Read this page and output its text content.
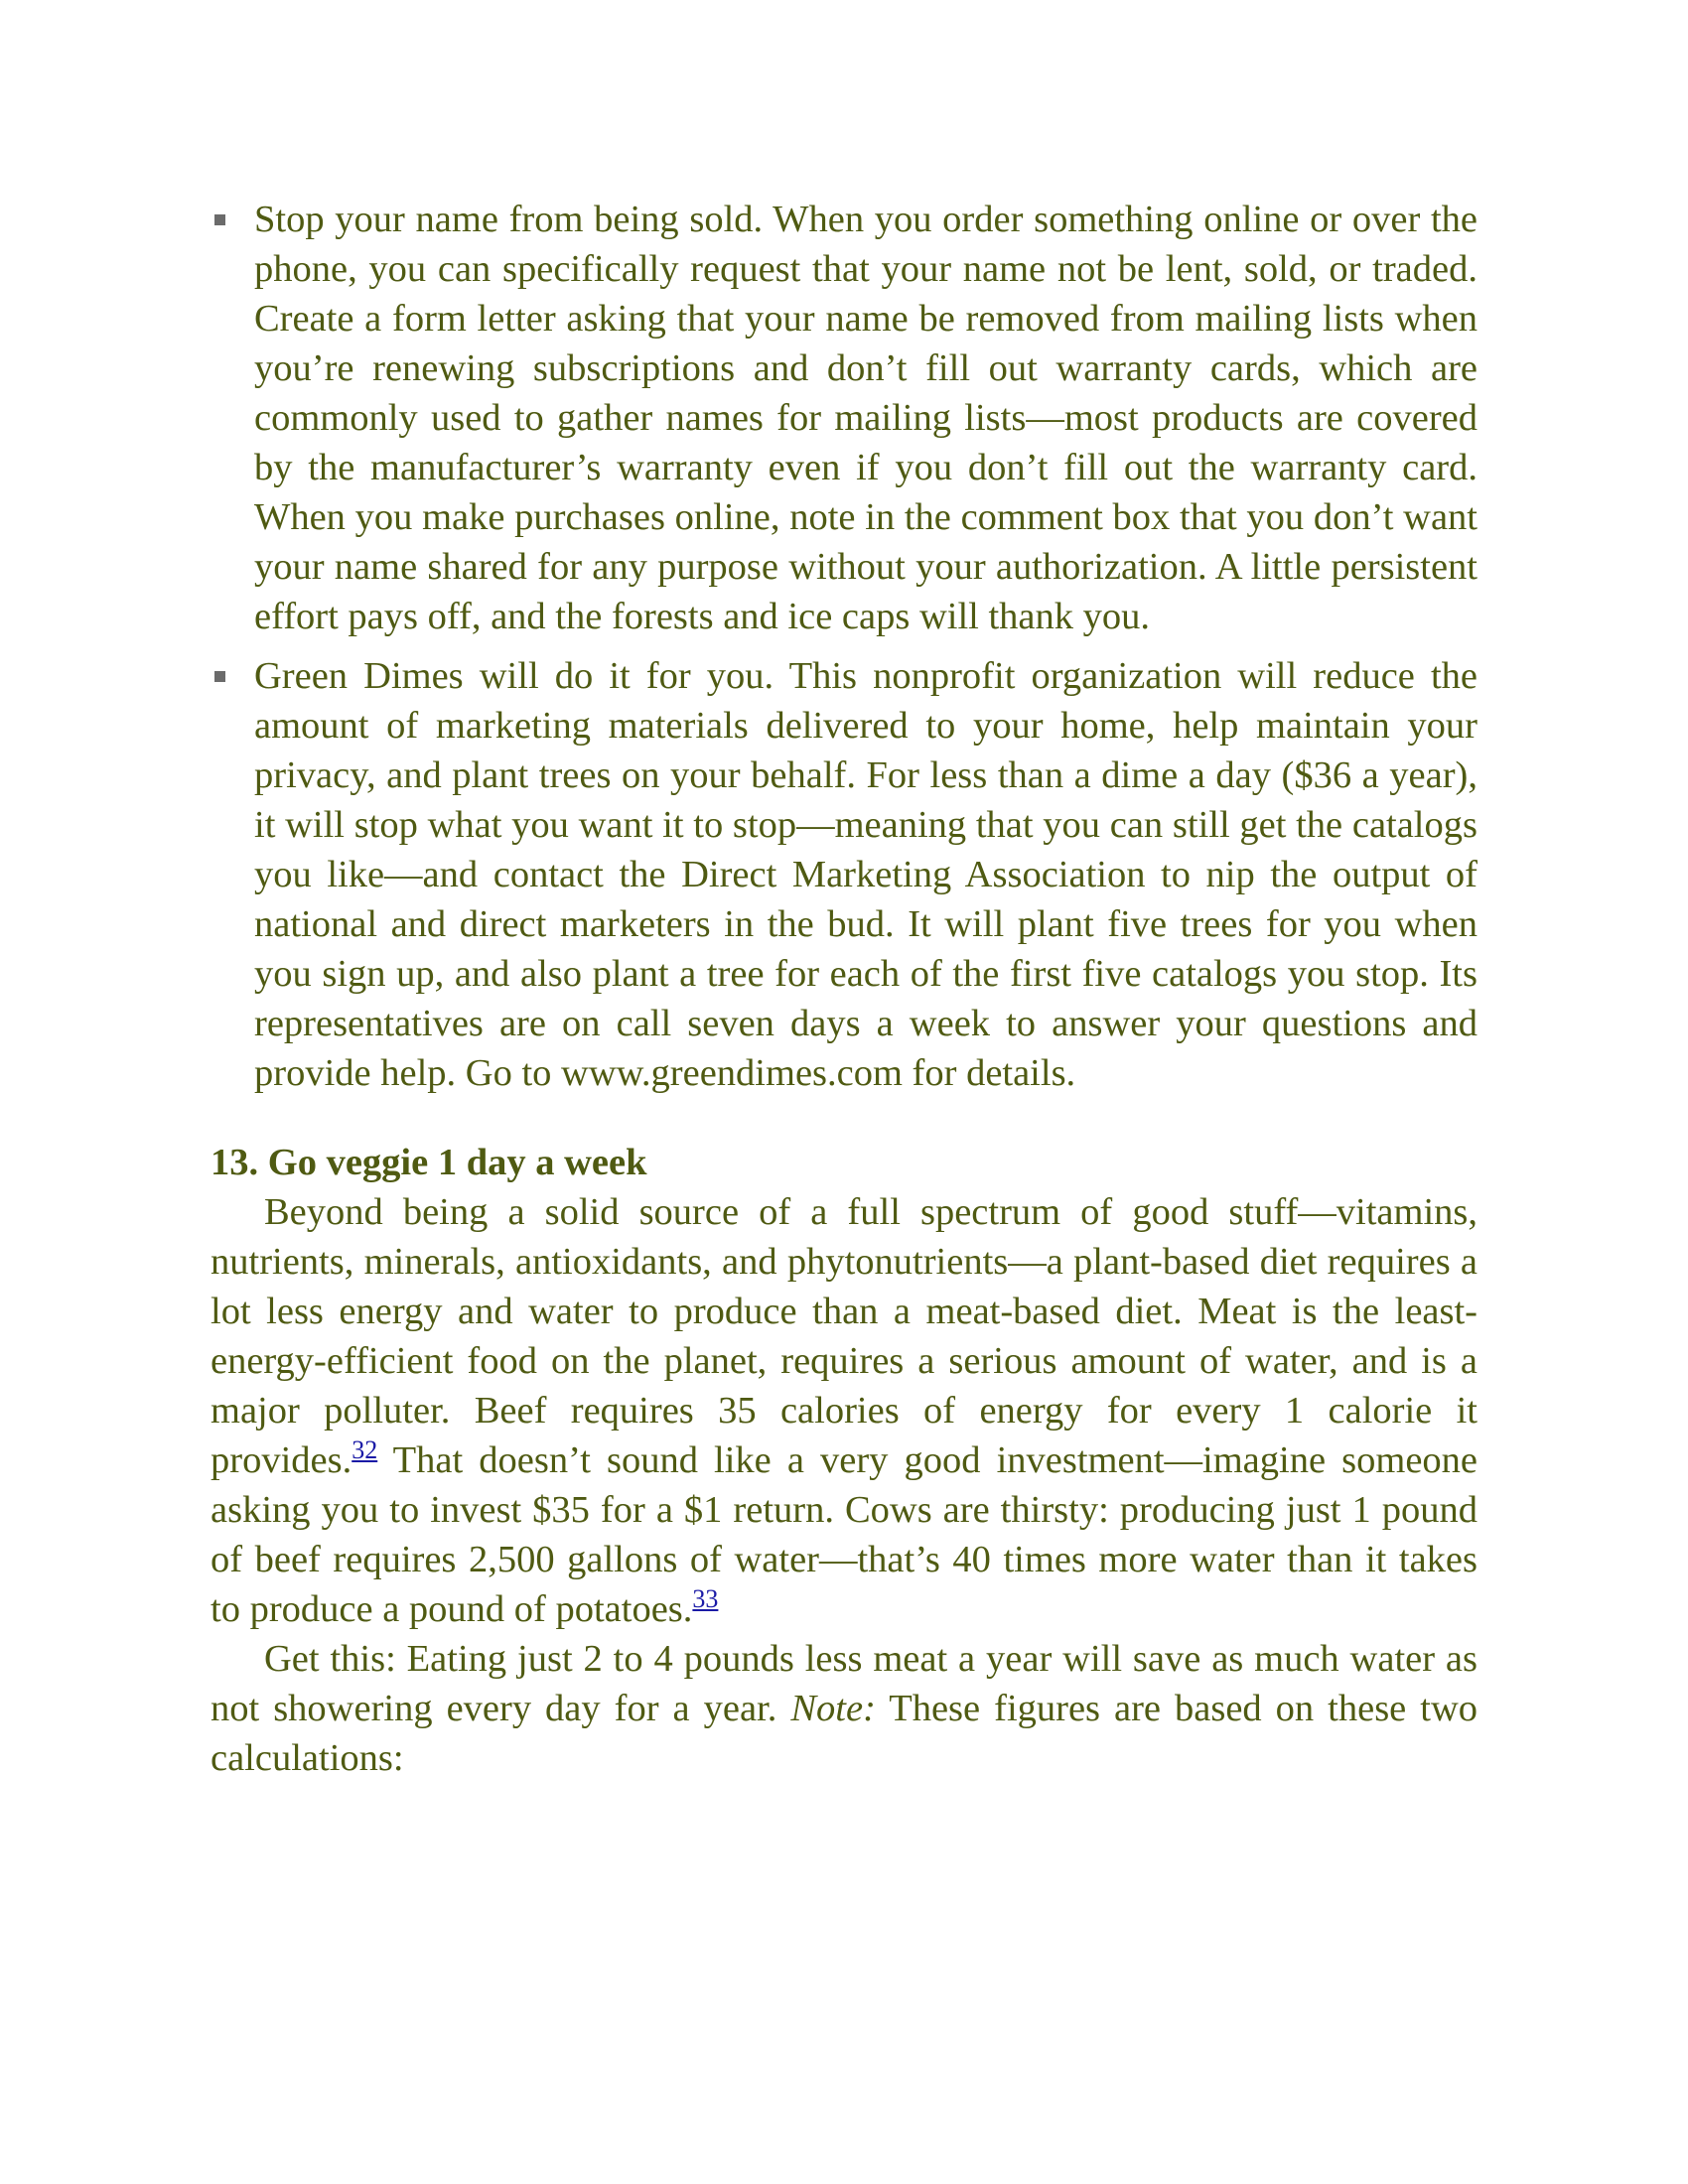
Stop your name from being sold. When you order something online or over the phone, you can specifically request that your name not be lent, sold, or traded. Create a form letter asking that your name be removed from mailing lists when you’re renewing subscriptions and don’t fill out warranty cards, which are commonly used to gather names for mailing lists—most products are covered by the manufacturer’s warranty even if you don’t fill out the warranty card. When you make purchases online, note in the comment box that you don’t want your name shared for any purpose without your authorization. A little persistent effort pays off, and the forests and ice caps will thank you.
Green Dimes will do it for you. This nonprofit organization will reduce the amount of marketing materials delivered to your home, help maintain your privacy, and plant trees on your behalf. For less than a dime a day ($36 a year), it will stop what you want it to stop—meaning that you can still get the catalogs you like—and contact the Direct Marketing Association to nip the output of national and direct marketers in the bud. It will plant five trees for you when you sign up, and also plant a tree for each of the first five catalogs you stop. Its representatives are on call seven days a week to answer your questions and provide help. Go to www.greendimes.com for details.
13. Go veggie 1 day a week

Beyond being a solid source of a full spectrum of good stuff—vitamins, nutrients, minerals, antioxidants, and phytonutrients—a plant-based diet requires a lot less energy and water to produce than a meat-based diet. Meat is the least-energy-efficient food on the planet, requires a serious amount of water, and is a major polluter. Beef requires 35 calories of energy for every 1 calorie it provides.$^{32}$ That doesn’t sound like a very good investment—imagine someone asking you to invest $35 for a $1 return. Cows are thirsty: producing just 1 pound of beef requires 2,500 gallons of water—that’s 40 times more water than it takes to produce a pound of potatoes.$^{33}$

Get this: Eating just 2 to 4 pounds less meat a year will save as much water as not showering every day for a year. Note: These figures are based on these two calculations:
